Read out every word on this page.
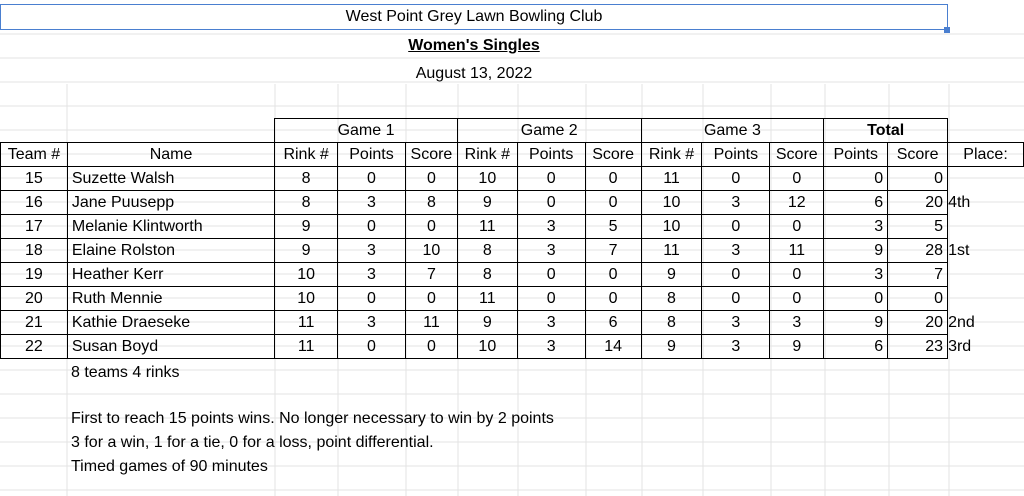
West Point Grey Lawn Bowling Club
Women's Singles
August 13, 2022
		Game 1			Game 2			Game 3			Total		
Team #	Name	Rink #	Points	Score	Rink #	Points	Score	Rink #	Points	Score	Points	Score	Place:
15	Suzette Walsh	8	0	0	10	0	0	11	0	0	0	0	
16	Jane Puusepp	8	3	8	9	0	0	10	3	12	6	20	4th
17	Melanie Klintworth	9	0	0	11	3	5	10	0	0	3	5	
18	Elaine Rolston	9	3	10	8	3	7	11	3	11	9	28	1st
19	Heather Kerr	10	3	7	8	0	0	9	0	0	3	7	
20	Ruth Mennie	10	0	0	11	0	0	8	0	0	0	0	
21	Kathie Draeseke	11	3	11	9	3	6	8	3	3	9	20	2nd
22	Susan Boyd	11	0	0	10	3	14	9	3	9	6	23	3rd
8 teams 4 rinks
First to reach 15 points wins. No longer necessary to win by 2 points
3 for a win, 1 for a tie, 0 for a loss, point differential.
Timed games of 90 minutes
